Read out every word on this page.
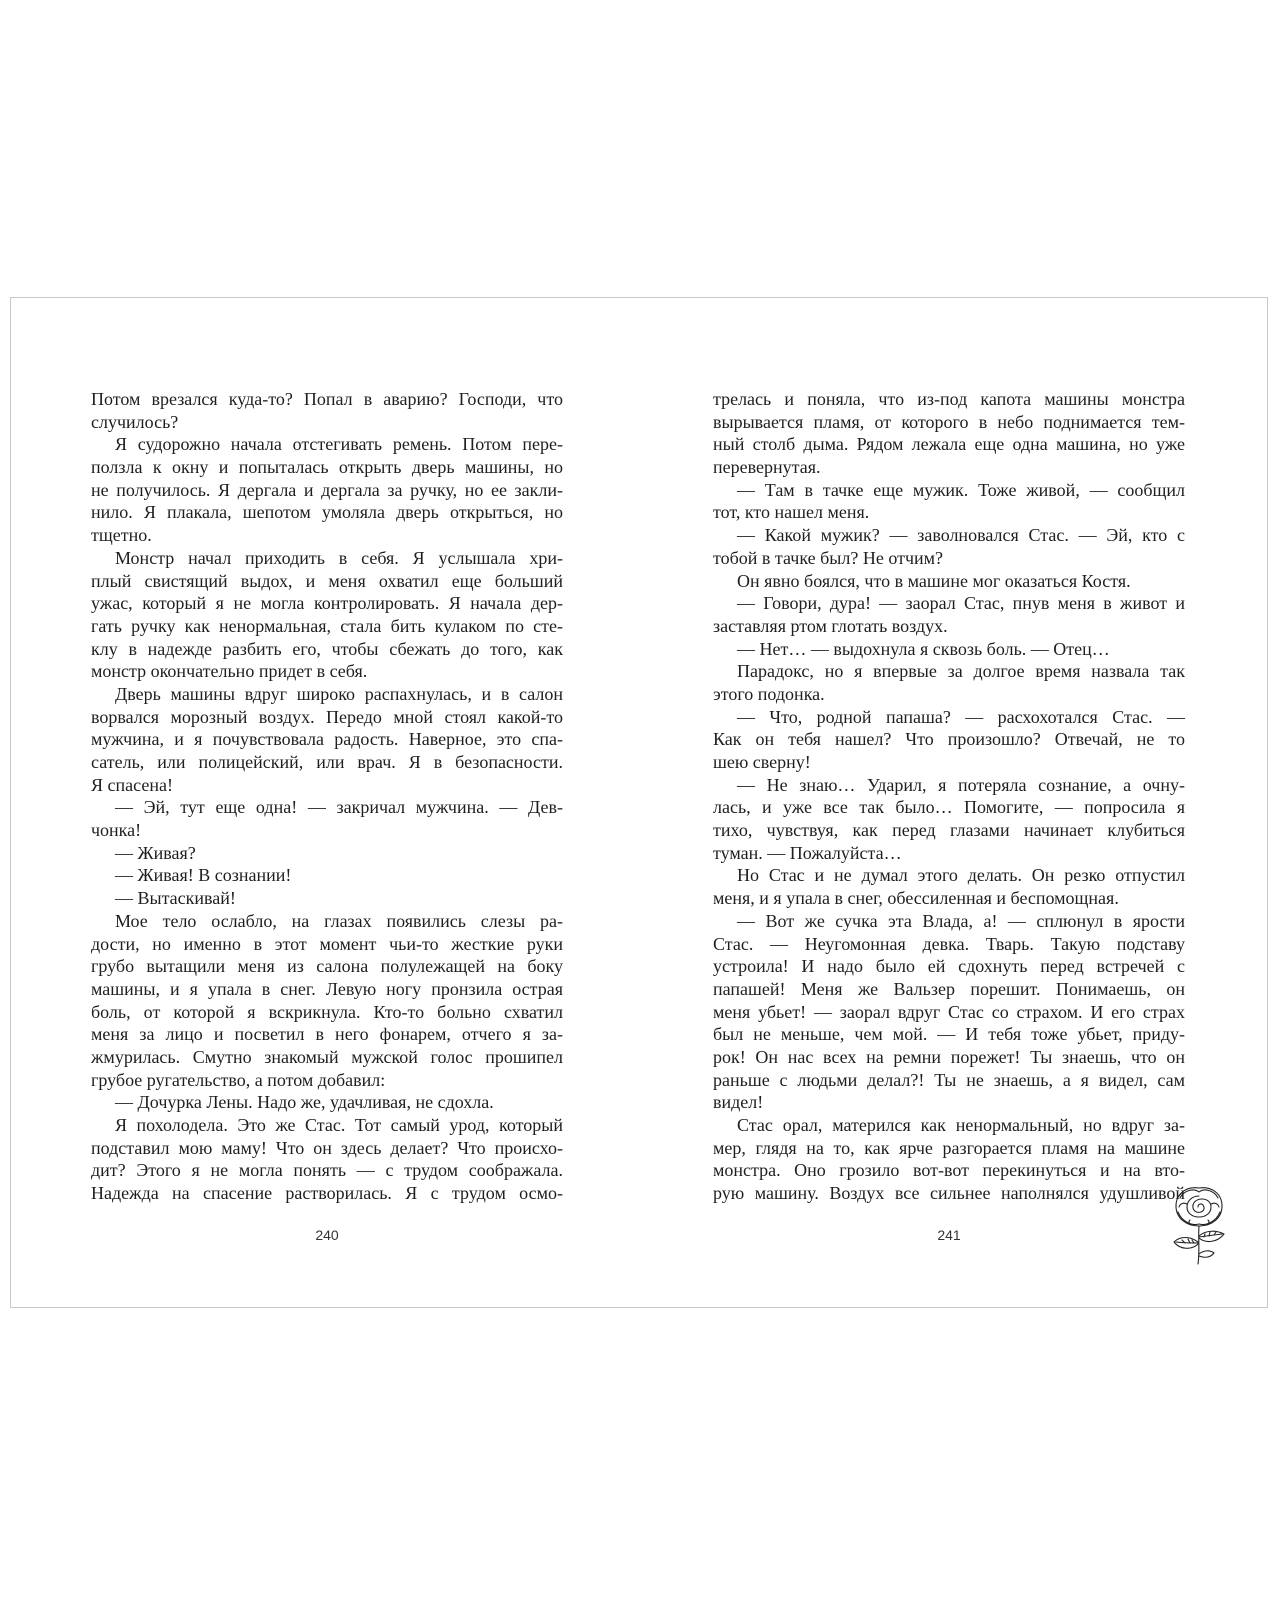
Потом врезался куда-то? Попал в аварию? Господи, что
случилось?
Я судорожно начала отстегивать ремень. Потом пере-
ползла к окну и попыталась открыть дверь машины, но
не получилось. Я дергала и дергала за ручку, но ее закли-
нило. Я плакала, шепотом умоляла дверь открыться, но
тщетно.
Монстр начал приходить в себя. Я услышала хри-
плый свистящий выдох, и меня охватил еще больший
ужас, который я не могла контролировать. Я начала дер-
гать ручку как ненормальная, стала бить кулаком по сте-
клу в надежде разбить его, чтобы сбежать до того, как
монстр окончательно придет в себя.
Дверь машины вдруг широко распахнулась, и в салон
ворвался морозный воздух. Передо мной стоял какой-то
мужчина, и я почувствовала радость. Наверное, это спа-
сатель, или полицейский, или врач. Я в безопасности.
Я спасена!
— Эй, тут еще одна! — закричал мужчина. — Дев-
чонка!
— Живая?
— Живая! В сознании!
— Вытаскивай!
Мое тело ослабло, на глазах появились слезы ра-
дости, но именно в этот момент чьи-то жесткие руки
грубо вытащили меня из салона полулежащей на боку
машины, и я упала в снег. Левую ногу пронзила острая
боль, от которой я вскрикнула. Кто-то больно схватил
меня за лицо и посветил в него фонарем, отчего я за-
жмурилась. Смутно знакомый мужской голос прошипел
грубое ругательство, а потом добавил:
— Дочурка Лены. Надо же, удачливая, не сдохла.
Я похолодела. Это же Стас. Тот самый урод, который
подставил мою маму! Что он здесь делает? Что происхо-
дит? Этого я не могла понять — с трудом соображала.
Надежда на спасение растворилась. Я с трудом осмо-
трелась и поняла, что из-под капота машины монстра
вырывается пламя, от которого в небо поднимается тем-
ный столб дыма. Рядом лежала еще одна машина, но уже
перевернутая.
— Там в тачке еще мужик. Тоже живой, — сообщил
тот, кто нашел меня.
— Какой мужик? — заволновался Стас. — Эй, кто с
тобой в тачке был? Не отчим?
Он явно боялся, что в машине мог оказаться Костя.
— Говори, дура! — заорал Стас, пнув меня в живот и
заставляя ртом глотать воздух.
— Нет… — выдохнула я сквозь боль. — Отец…
Парадокс, но я впервые за долгое время назвала так
этого подонка.
— Что, родной папаша? — расхохотался Стас. —
Как он тебя нашел? Что произошло? Отвечай, не то
шею сверну!
— Не знаю… Ударил, я потеряла сознание, а очну-
лась, и уже все так было… Помогите, — попросила я
тихо, чувствуя, как перед глазами начинает клубиться
туман. — Пожалуйста…
Но Стас и не думал этого делать. Он резко отпустил
меня, и я упала в снег, обессиленная и беспомощная.
— Вот же сучка эта Влада, а! — сплюнул в ярости
Стас. — Неугомонная девка. Тварь. Такую подставу
устроила! И надо было ей сдохнуть перед встречей с
папашей! Меня же Вальзер порешит. Понимаешь, он
меня убьет! — заорал вдруг Стас со страхом. И его страх
был не меньше, чем мой. — И тебя тоже убьет, приду-
рок! Он нас всех на ремни порежет! Ты знаешь, что он
раньше с людьми делал?! Ты не знаешь, а я видел, сам
видел!
Стас орал, матерился как ненормальный, но вдруг за-
мер, глядя на то, как ярче разгорается пламя на машине
монстра. Оно грозило вот-вот перекинуться и на вто-
рую машину. Воздух все сильнее наполнялся удушливой
240	241
